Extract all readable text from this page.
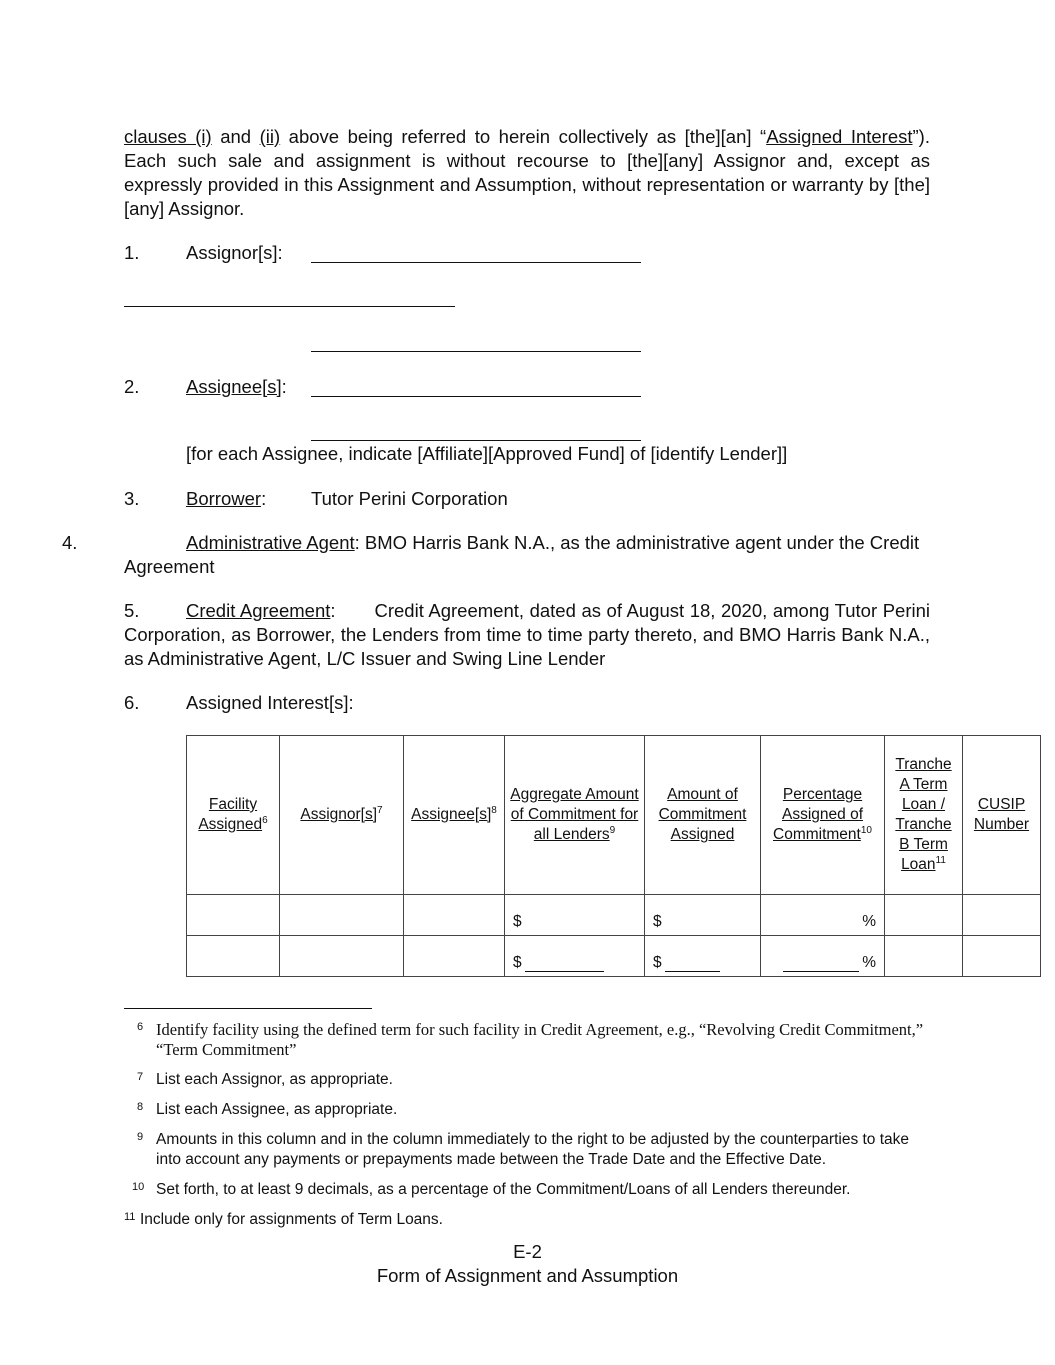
clauses (i) and (ii) above being referred to herein collectively as [the][an] “Assigned Interest”). Each such sale and assignment is without recourse to [the][any] Assignor and, except as expressly provided in this Assignment and Assumption, without representation or warranty by [the][any] Assignor.
1.	Assignor[s]:
2.	Assignee[s]:
[for each Assignee, indicate [Affiliate][Approved Fund] of [identify Lender]]
3.	Borrower: Tutor Perini Corporation
4.	Administrative Agent: BMO Harris Bank N.A., as the administrative agent under the Credit Agreement
5.	Credit Agreement:       Credit Agreement, dated as of August 18, 2020, among Tutor Perini Corporation, as Borrower, the Lenders from time to time party thereto, and BMO Harris Bank N.A., as Administrative Agent, L/C Issuer and Swing Line Lender
6.	Assigned Interest[s]:
Facility Assigned$^6$	$Assignor[s]^7$	$Assignee[s]^8$	Aggregate Amount of Commitment for all Lenders$^9$	Amount of Commitment Assigned	Percentage Assigned of Commitment$^{10}$	Tranche A Term Loan / Tranche B Term Loan$^{11}$	CUSIP Number

			$	$	%		

			$	$	%		

6 Identify facility using the defined term for such facility in Credit Agreement, e.g., “Revolving Credit Commitment,” “Term Commitment”
7 List each Assignor, as appropriate.
8 List each Assignee, as appropriate.
9 Amounts in this column and in the column immediately to the right to be adjusted by the counterparties to take into account any payments or prepayments made between the Trade Date and the Effective Date.
10 Set forth, to at least 9 decimals, as a percentage of the Commitment/Loans of all Lenders thereunder.
11 Include only for assignments of Term Loans.
E-2
Form of Assignment and Assumption
